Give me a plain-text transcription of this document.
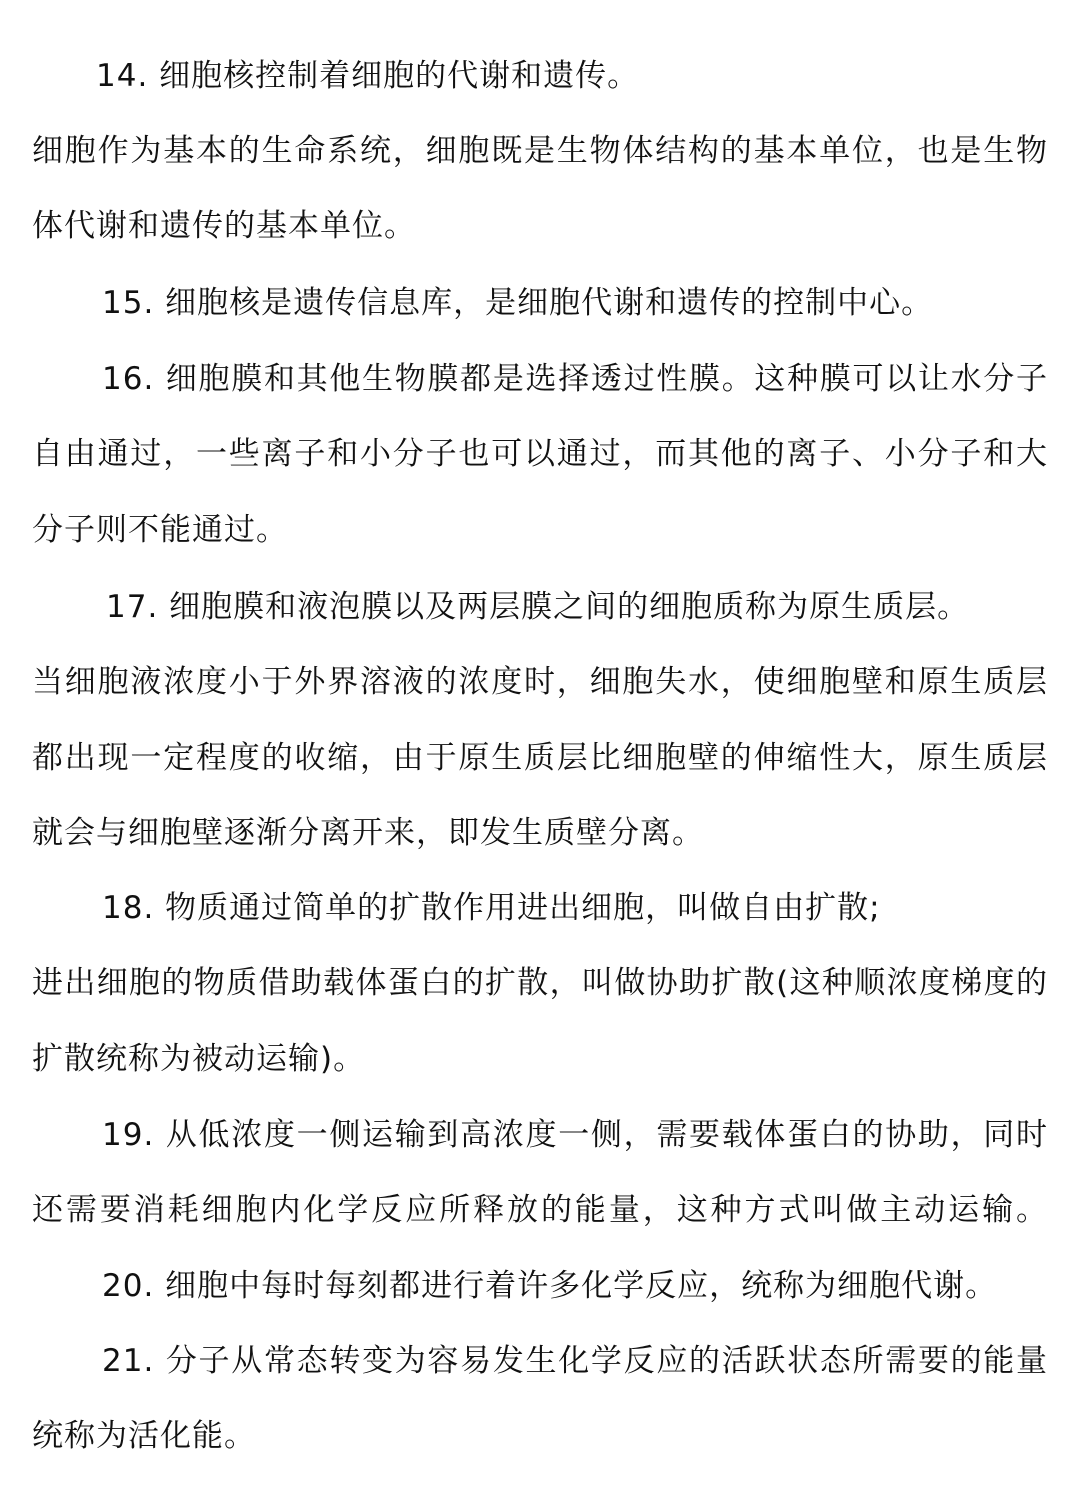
14. 细胞核控制着细胞的代谢和遗传。
细胞作为基本的生命系统，细胞既是生物体结构的基本单位，也是生物
体代谢和遗传的基本单位。
15. 细胞核是遗传信息库，是细胞代谢和遗传的控制中心。
16. 细胞膜和其他生物膜都是选择透过性膜。这种膜可以让水分子
自由通过，一些离子和小分子也可以通过，而其他的离子、小分子和大
分子则不能通过。
17. 细胞膜和液泡膜以及两层膜之间的细胞质称为原生质层。
当细胞液浓度小于外界溶液的浓度时，细胞失水，使细胞壁和原生质层
都出现一定程度的收缩，由于原生质层比细胞壁的伸缩性大，原生质层
就会与细胞壁逐渐分离开来，即发生质壁分离。
18. 物质通过简单的扩散作用进出细胞，叫做自由扩散;
进出细胞的物质借助载体蛋白的扩散，叫做协助扩散(这种顺浓度梯度的
扩散统称为被动运输)。
19. 从低浓度一侧运输到高浓度一侧，需要载体蛋白的协助，同时
还需要消耗细胞内化学反应所释放的能量，这种方式叫做主动运输。
20. 细胞中每时每刻都进行着许多化学反应，统称为细胞代谢。
21. 分子从常态转变为容易发生化学反应的活跃状态所需要的能量
统称为活化能。
